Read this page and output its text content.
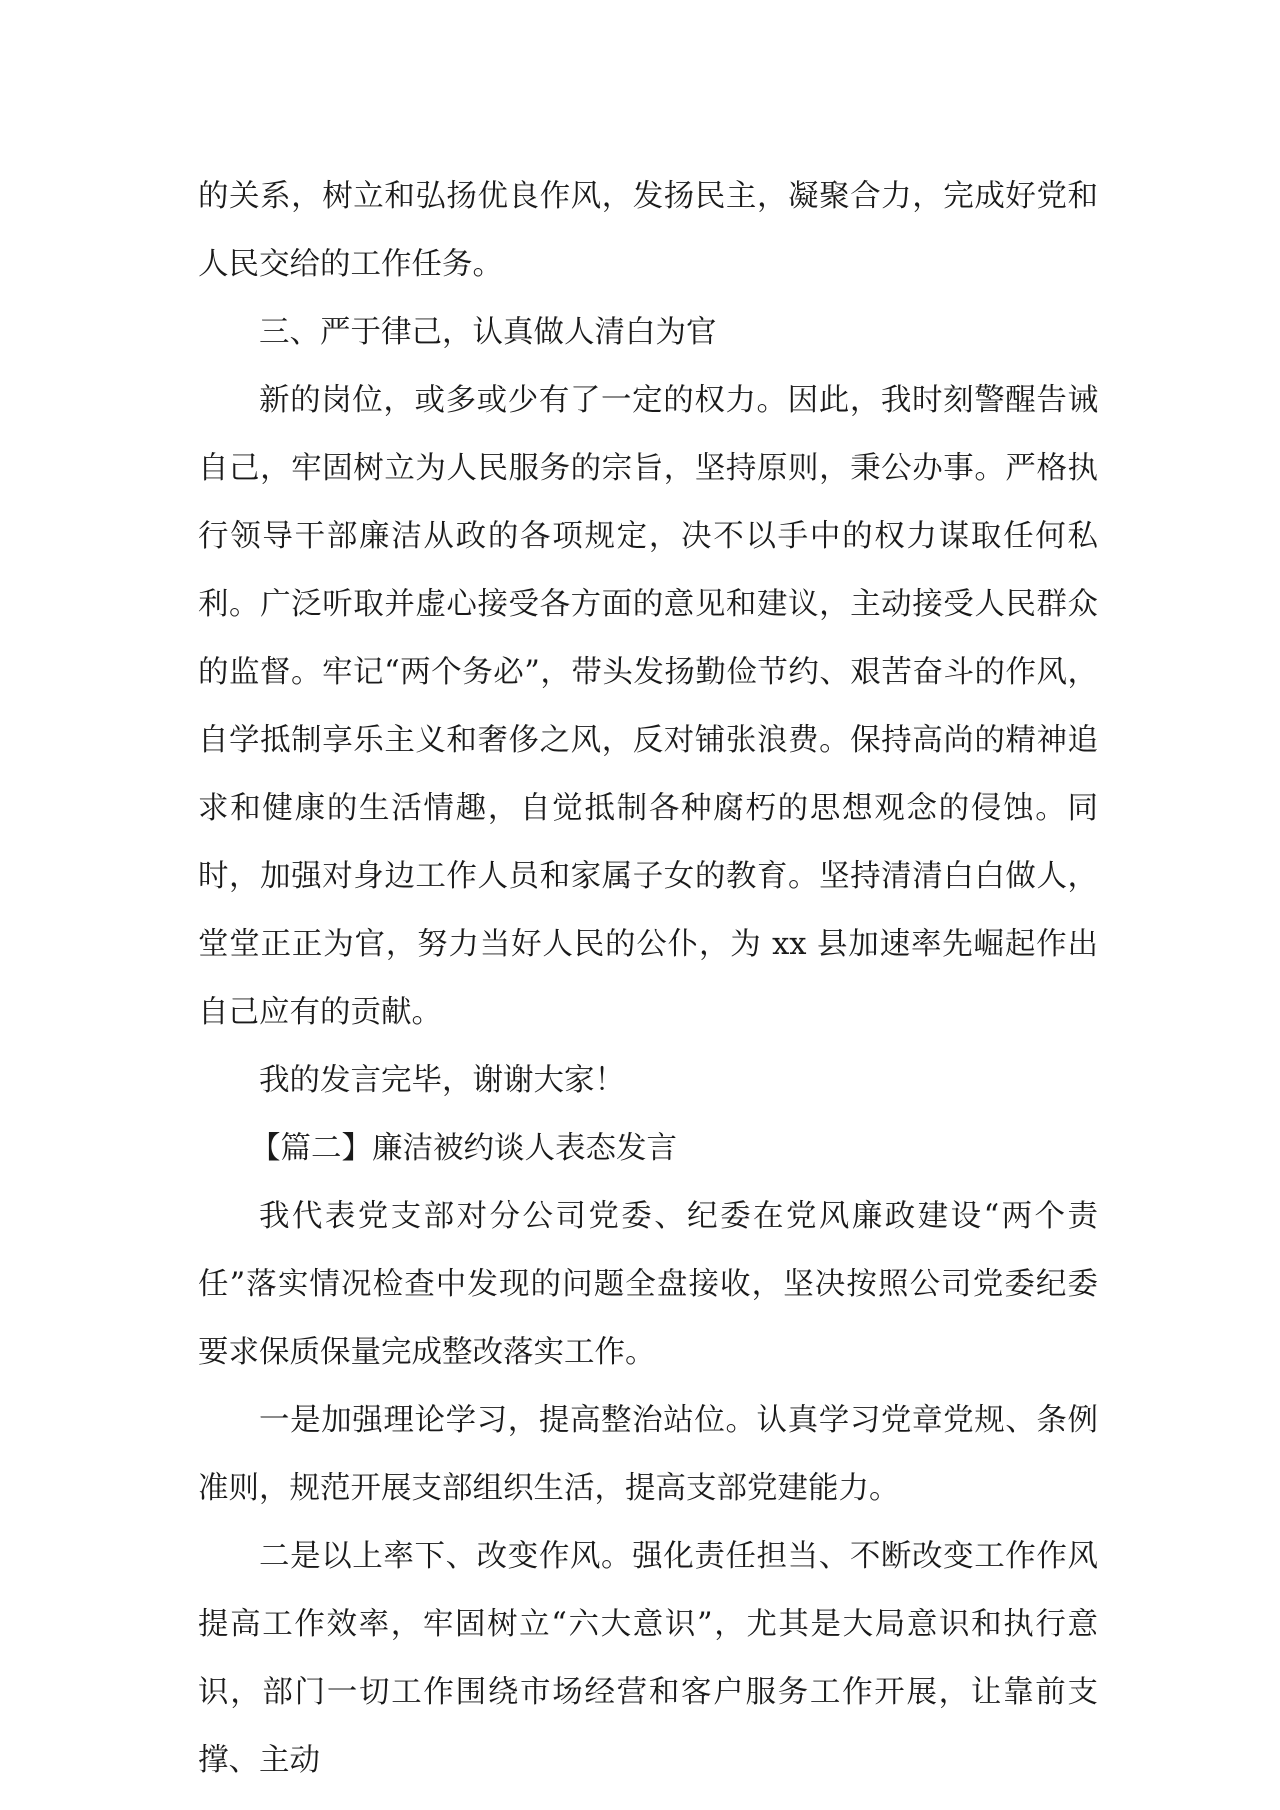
的关系，树立和弘扬优良作风，发扬民主，凝聚合力，完成好党和人民交给的工作任务。

三、严于律己，认真做人清白为官

新的岗位，或多或少有了一定的权力。因此，我时刻警醒告诫自己，牢固树立为人民服务的宗旨，坚持原则，秉公办事。严格执行领导干部廉洁从政的各项规定，决不以手中的权力谋取任何私利。广泛听取并虚心接受各方面的意见和建议，主动接受人民群众的监督。牢记“两个务必”，带头发扬勤俭节约、艰苦奋斗的作风，自学抵制享乐主义和奢侈之风，反对铺张浪费。保持高尚的精神追求和健康的生活情趣，自觉抵制各种腐朽的思想观念的侵蚀。同时，加强对身边工作人员和家属子女的教育。坚持清清白白做人，堂堂正正为官，努力当好人民的公仆，为 xx 县加速率先崛起作出自己应有的贡献。

我的发言完毕，谢谢大家！

【篇二】廉洁被约谈人表态发言

我代表党支部对分公司党委、纪委在党风廉政建设“两个责任”落实情况检查中发现的问题全盘接收，坚决按照公司党委纪委要求保质保量完成整改落实工作。

一是加强理论学习，提高整治站位。认真学习党章党规、条例准则，规范开展支部组织生活，提高支部党建能力。

二是以上率下、改变作风。强化责任担当、不断改变工作作风提高工作效率，牢固树立“六大意识”，尤其是大局意识和执行意识，部门一切工作围绕市场经营和客户服务工作开展，让靠前支撑、主动
